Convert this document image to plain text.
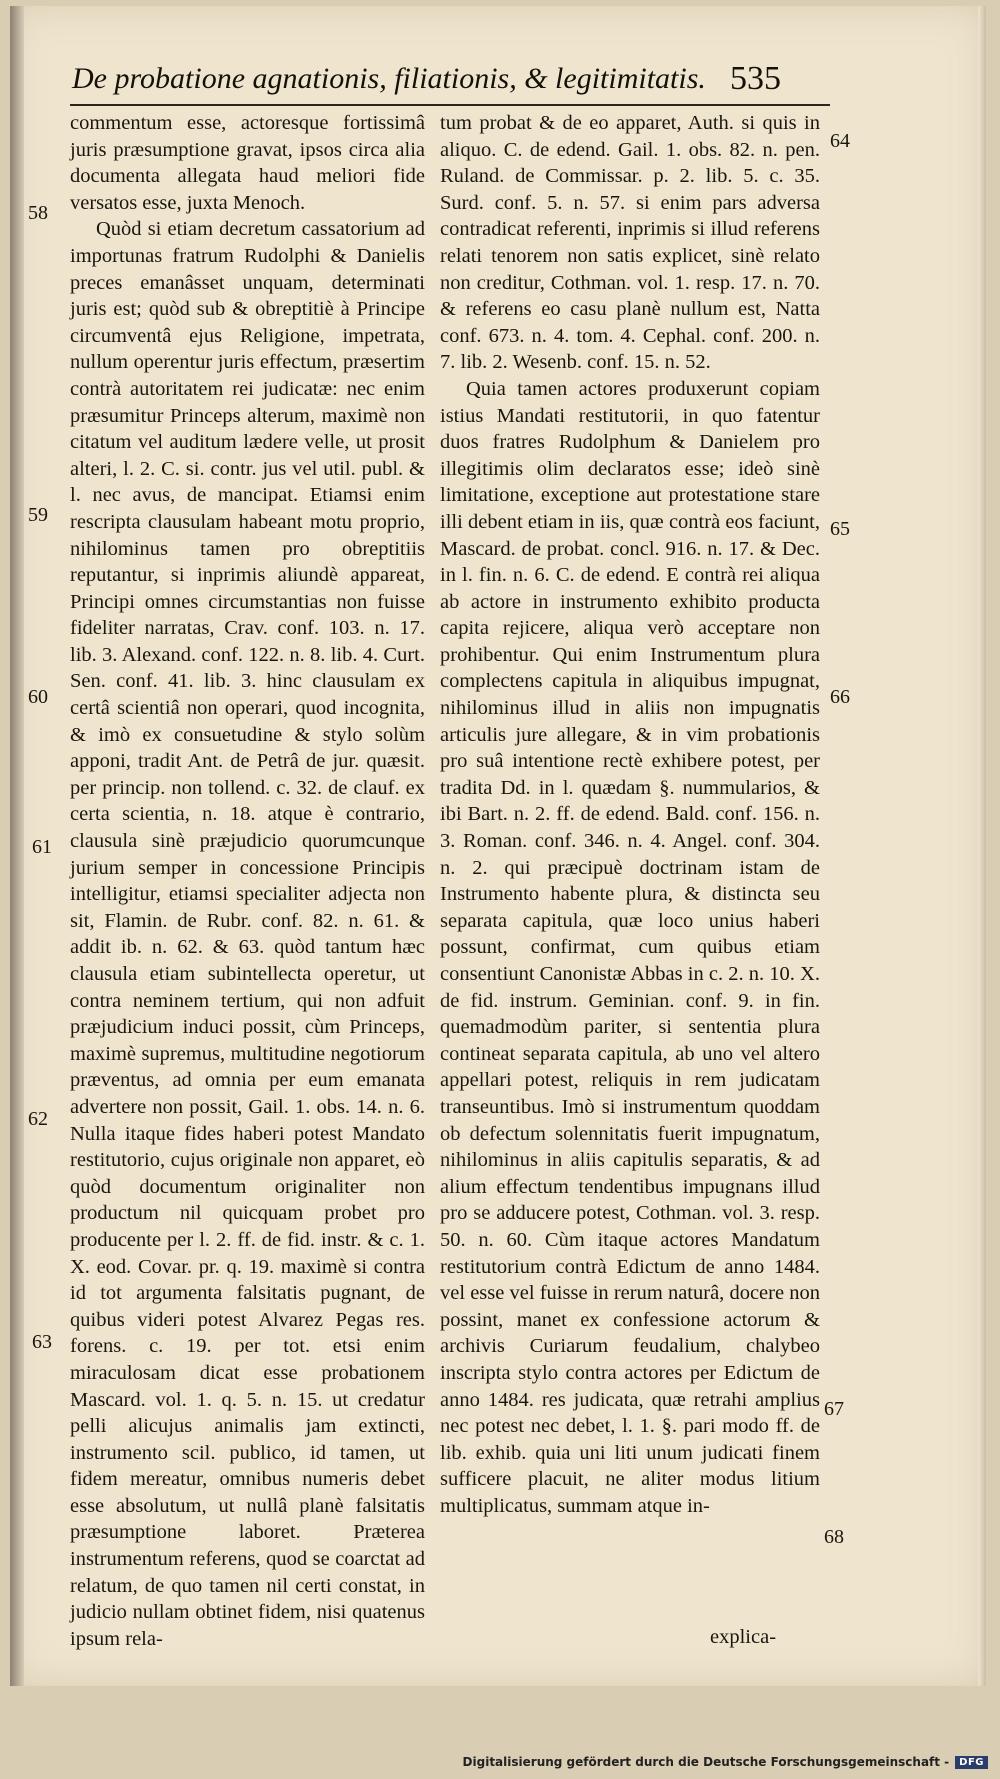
De probatione agnationis, filiationis, & legitimitatis. 535

commentum esse, actoresque fortissimâ juris præsumptione gravat, ipsos circa alia documenta allegata haud meliori fide versatos esse, juxta Menoch.

Quòd si etiam decretum cassatorium ad importunas fratrum Rudolphi & Danielis preces emanâsset unquam, determinati juris est; quòd sub & obreptitiè à Principe circumventâ ejus Religione, impetrata, nullum operentur juris effectum, præsertim contrà autoritatem rei judicatæ: nec enim præsumitur Princeps alterum, maximè non citatum vel auditum lædere velle, ut prosit alteri, l. 2. C. si. contr. jus vel util. publ. & l. nec avus, de mancipat. Etiamsi enim rescripta clausulam habeant motu proprio, nihilominus tamen pro obreptitiis reputantur, si inprimis aliundè appareat, Principi omnes circumstantias non fuisse fideliter narratas, Crav. conf. 103. n. 17. lib. 3. Alexand. conf. 122. n. 8. lib. 4. Curt. Sen. conf. 41. lib. 3. hinc clausulam ex certâ scientiâ non operari, quod incognita, & imò ex consuetudine & stylo solùm apponi, tradit Ant. de Petrâ de jur. quæsit. per princip. non tollend. c. 32. de clauf. ex certa scientia, n. 18. atque è contrario, clausula sinè præjudicio quorumcunque jurium semper in concessione Principis intelligitur, etiamsi specialiter adjecta non sit, Flamin. de Rubr. conf. 82. n. 61. & addit ib. n. 62. & 63. quòd tantum hæc clausula etiam subintellecta operetur, ut contra neminem tertium, qui non adfuit præjudicium induci possit, cùm Princeps, maximè supremus, multitudine negotiorum præventus, ad omnia per eum emanata advertere non possit, Gail. 1. obs. 14. n. 6. Nulla itaque fides haberi potest Mandato restitutorio, cujus originale non apparet, eò quòd documentum originaliter non productum nil quicquam probet pro producente per l. 2. ff. de fid. instr. & c. 1. X. eod. Covar. pr. q. 19. maximè si contra id tot argumenta falsitatis pugnant, de quibus videri potest Alvarez Pegas res. forens. c. 19. per tot. etsi enim miraculosam dicat esse probationem Mascard. vol. 1. q. 5. n. 15. ut credatur pelli alicujus animalis jam extincti, instrumento scil. publico, id tamen, ut fidem mereatur, omnibus numeris debet esse absolutum, ut nullâ planè falsitatis præsumptione laboret. Præterea instrumentum referens, quod se coarctat ad relatum, de quo tamen nil certi constat, in judicio nullam obtinet fidem, nisi quatenus ipsum rela-

tum probat & de eo apparet, Auth. si quis in aliquo. C. de edend. Gail. 1. obs. 82. n. pen. Ruland. de Commissar. p. 2. lib. 5. c. 35. Surd. conf. 5. n. 57. si enim pars adversa contradicat referenti, inprimis si illud referens relati tenorem non satis explicet, sinè relato non creditur, Cothman. vol. 1. resp. 17. n. 70. & referens eo casu planè nullum est, Natta conf. 673. n. 4. tom. 4. Cephal. conf. 200. n. 7. lib. 2. Wesenb. conf. 15. n. 52.

Quia tamen actores produxerunt copiam istius Mandati restitutorii, in quo fatentur duos fratres Rudolphum & Danielem pro illegitimis olim declaratos esse; ideò sinè limitatione, exceptione aut protestatione stare illi debent etiam in iis, quæ contrà eos faciunt, Mascard. de probat. concl. 916. n. 17. & Dec. in l. fin. n. 6. C. de edend. E contrà rei aliqua ab actore in instrumento exhibito producta capita rejicere, aliqua verò acceptare non prohibentur. Qui enim Instrumentum plura complectens capitula in aliquibus impugnat, nihilominus illud in aliis non impugnatis articulis jure allegare, & in vim probationis pro suâ intentione rectè exhibere potest, per tradita Dd. in l. quædam §. nummularios, & ibi Bart. n. 2. ff. de edend. Bald. conf. 156. n. 3. Roman. conf. 346. n. 4. Angel. conf. 304. n. 2. qui præcipuè doctrinam istam de Instrumento habente plura, & distincta seu separata capitula, quæ loco unius haberi possunt, confirmat, cum quibus etiam consentiunt Canonistæ Abbas in c. 2. n. 10. X. de fid. instrum. Geminian. conf. 9. in fin. quemadmodùm pariter, si sententia plura contineat separata capitula, ab uno vel altero appellari potest, reliquis in rem judicatam transeuntibus. Imò si instrumentum quoddam ob defectum solennitatis fuerit impugnatum, nihilominus in aliis capitulis separatis, & ad alium effectum tendentibus impugnans illud pro se adducere potest, Cothman. vol. 3. resp. 50. n. 60. Cùm itaque actores Mandatum restitutorium contrà Edictum de anno 1484. vel esse vel fuisse in rerum naturâ, docere non possint, manet ex confessione actorum & archivis Curiarum feudalium, chalybeo inscripta stylo contra actores per Edictum de anno 1484. res judicata, quæ retrahi amplius nec potest nec debet, l. 1. §. pari modo ff. de lib. exhib. quia uni liti unum judicati finem sufficere placuit, ne aliter modus litium multiplicatus, summam atque in-

explica-
58
59
60
61
62
63
64
65
66
67
68
Digitalisierung gefördert durch die Deutsche Forschungsgemeinschaft -	DFG
